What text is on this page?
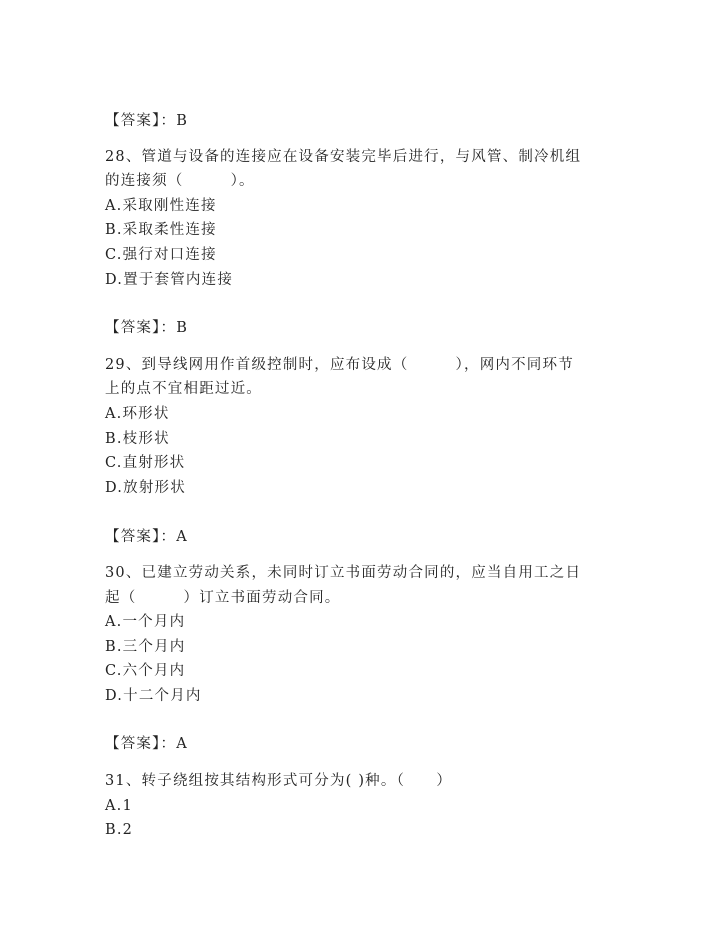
【答案】：B
28、管道与设备的连接应在设备安装完毕后进行，与风管、制冷机组
的连接须（　　　）。
A.采取刚性连接
B.采取柔性连接
C.强行对口连接
D.置于套管内连接
【答案】：B
29、到导线网用作首级控制时，应布设成（　　　），网内不同环节
上的点不宜相距过近。
A.环形状
B.枝形状
C.直射形状
D.放射形状
【答案】：A
30、已建立劳动关系，未同时订立书面劳动合同的，应当自用工之日
起（　　　）订立书面劳动合同。
A.一个月内
B.三个月内
C.六个月内
D.十二个月内
【答案】：A
31、转子绕组按其结构形式可分为( )种。（　　）
A.1
B.2
